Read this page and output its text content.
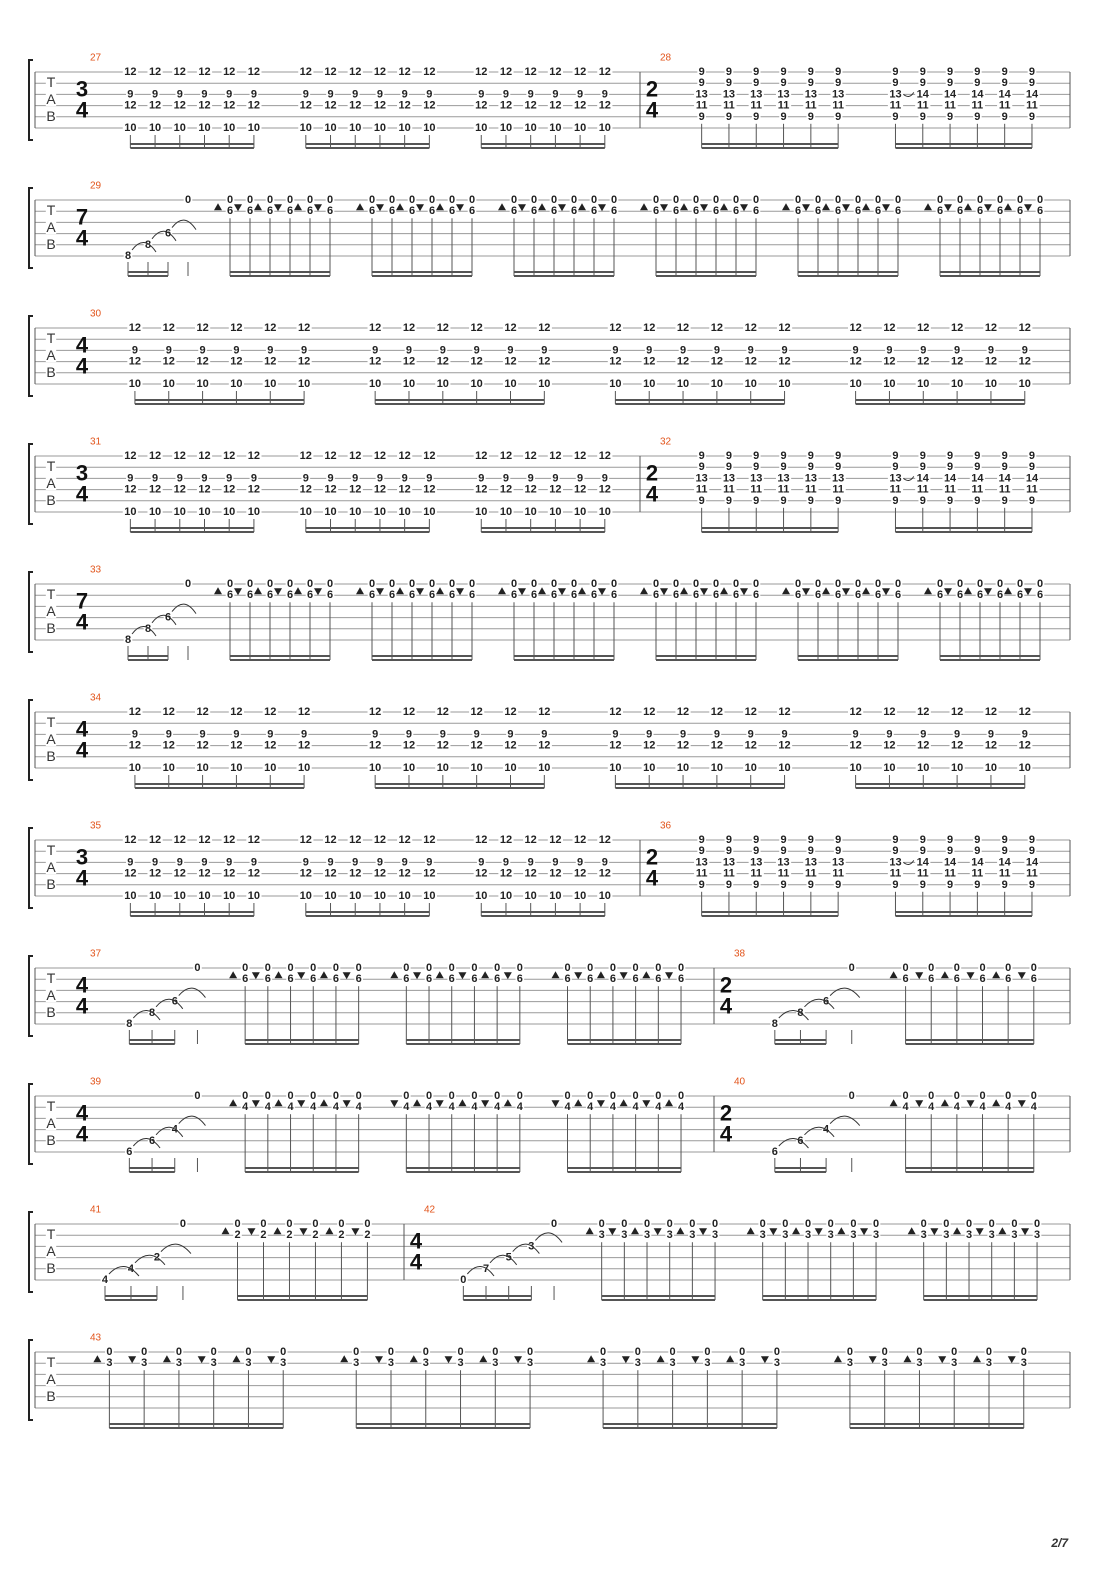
T
A
B
27
3
4
12
9
12
10
12
9
12
10
12
9
12
10
12
9
12
10
12
9
12
10
12
9
12
10
12
9
12
10
12
9
12
10
12
9
12
10
12
9
12
10
12
9
12
10
12
9
12
10
12
9
12
10
12
9
12
10
12
9
12
10
12
9
12
10
12
9
12
10
12
9
12
10
28
2
4
9
9
13
11
9
9
9
13
11
9
9
9
13
11
9
9
9
13
11
9
9
9
13
11
9
9
9
13
11
9
9
9
13
11
9
9
9
14
11
9
9
9
14
11
9
9
9
14
11
9
9
9
14
11
9
9
9
14
11
9
T
A
B
29
7
4
8
8
6
0	0
6
0
6
0
6
0
6
0
6
0
6
0
6
0
6
0
6
0
6
0
6
0
6
0
6
0
6
0
6
0
6
0
6
0
6
0
6
0
6
0
6
0
6
0
6
0
6
0
6
0
6
0
6
0
6
0
6
0
6
0
6
0
6
0
6
0
6
0
6
0
6
T
A
B
30
4
4
12
9
12
10
12
9
12
10
12
9
12
10
12
9
12
10
12
9
12
10
12
9
12
10
12
9
12
10
12
9
12
10
12
9
12
10
12
9
12
10
12
9
12
10
12
9
12
10
12
9
12
10
12
9
12
10
12
9
12
10
12
9
12
10
12
9
12
10
12
9
12
10
12
9
12
10
12
9
12
10
12
9
12
10
12
9
12
10
12
9
12
10
12
9
12
10
T
A
B
31
3
4
12
9
12
10
12
9
12
10
12
9
12
10
12
9
12
10
12
9
12
10
12
9
12
10
12
9
12
10
12
9
12
10
12
9
12
10
12
9
12
10
12
9
12
10
12
9
12
10
12
9
12
10
12
9
12
10
12
9
12
10
12
9
12
10
12
9
12
10
12
9
12
10
32
2
4
9
9
13
11
9
9
9
13
11
9
9
9
13
11
9
9
9
13
11
9
9
9
13
11
9
9
9
13
11
9
9
9
13
11
9
9
9
14
11
9
9
9
14
11
9
9
9
14
11
9
9
9
14
11
9
9
9
14
11
9
T
A
B
33
7
4
8
8
6
0	0
6
0
6
0
6
0
6
0
6
0
6
0
6
0
6
0
6
0
6
0
6
0
6
0
6
0
6
0
6
0
6
0
6
0
6
0
6
0
6
0
6
0
6
0
6
0
6
0
6
0
6
0
6
0
6
0
6
0
6
0
6
0
6
0
6
0
6
0
6
0
6
T
A
B
34
4
4
12
9
12
10
12
9
12
10
12
9
12
10
12
9
12
10
12
9
12
10
12
9
12
10
12
9
12
10
12
9
12
10
12
9
12
10
12
9
12
10
12
9
12
10
12
9
12
10
12
9
12
10
12
9
12
10
12
9
12
10
12
9
12
10
12
9
12
10
12
9
12
10
12
9
12
10
12
9
12
10
12
9
12
10
12
9
12
10
12
9
12
10
12
9
12
10
T
A
B
35
3
4
12
9
12
10
12
9
12
10
12
9
12
10
12
9
12
10
12
9
12
10
12
9
12
10
12
9
12
10
12
9
12
10
12
9
12
10
12
9
12
10
12
9
12
10
12
9
12
10
12
9
12
10
12
9
12
10
12
9
12
10
12
9
12
10
12
9
12
10
12
9
12
10
36
2
4
9
9
13
11
9
9
9
13
11
9
9
9
13
11
9
9
9
13
11
9
9
9
13
11
9
9
9
13
11
9
9
9
13
11
9
9
9
14
11
9
9
9
14
11
9
9
9
14
11
9
9
9
14
11
9
9
9
14
11
9
T
A
B
37
4
4
8
8
6
0	0
6
0
6
0
6
0
6
0
6
0
6
0
6
0
6
0
6
0
6
0
6
0
6
0
6
0
6
0
6
0
6
0
6
0
6
38
2
4
8
8
6
0	0
6
0
6
0
6
0
6
0
6
0
6
T
A
B
39
4
4
6
6
4
0	0
4
0
4
0
4
0
4
0
4
0
4
0
4
0
4
0
4
0
4
0
4
0
4
0
4
0
4
0
4
0
4
0
4
0
4
40
2
4
6
6
4
0	0
4
0
4
0
4
0
4
0
4
0
4
T
A
B
41
4
4
2
0	0
2
0
2
0
2
0
2
0
2
0
2
42
4
4
0
7
5
3
0	0
3
0
3
0
3
0
3
0
3
0
3
0
3
0
3
0
3
0
3
0
3
0
3
0
3
0
3
0
3
0
3
0
3
0
3
T
A
B
43
0
3
0
3
0
3
0
3
0
3
0
3
0
3
0
3
0
3
0
3
0
3
0
3
0
3
0
3
0
3
0
3
0
3
0
3
0
3
0
3
0
3
0
3
0
3
0
3
2/7
